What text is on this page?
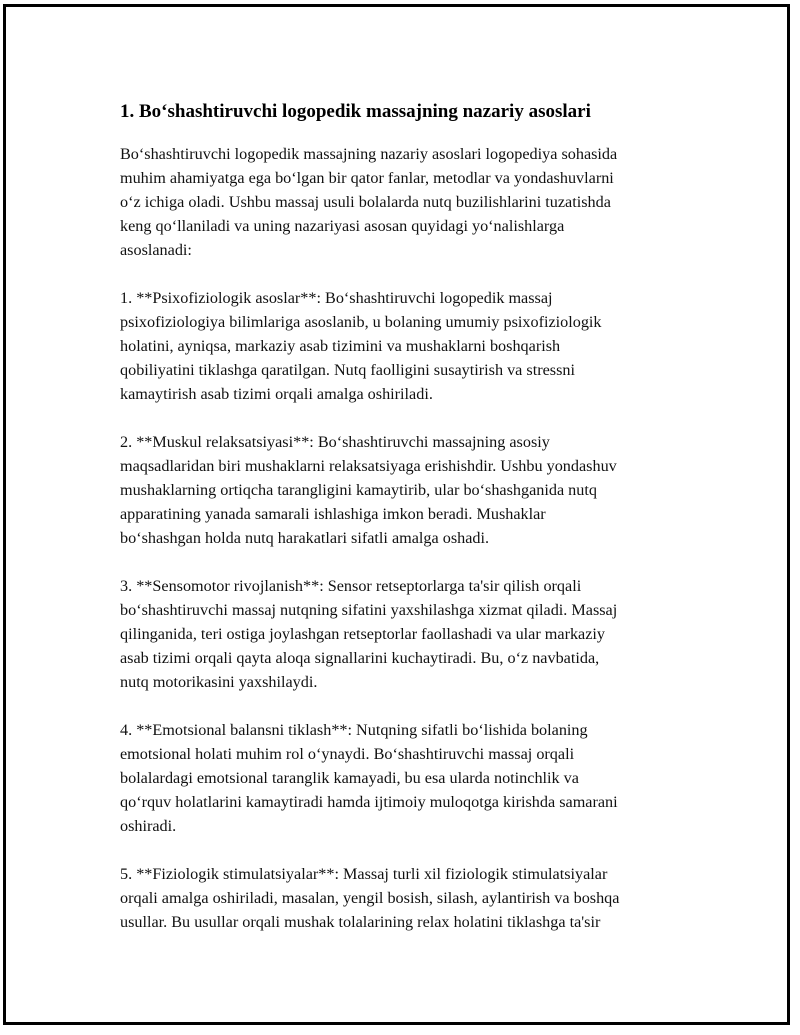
1. Bo‘shashtiruvchi logopedik massajning nazariy asoslari
Bo‘shashtiruvchi logopedik massajning nazariy asoslari logopediya sohasida
muhim ahamiyatga ega bo‘lgan bir qator fanlar, metodlar va yondashuvlarni
o‘z ichiga oladi. Ushbu massaj usuli bolalarda nutq buzilishlarini tuzatishda
keng qo‘llaniladi va uning nazariyasi asosan quyidagi yo‘nalishlarga
asoslanadi:
1. **Psixofiziologik asoslar**: Bo‘shashtiruvchi logopedik massaj
psixofiziologiya bilimlariga asoslanib, u bolaning umumiy psixofiziologik
holatini, ayniqsa, markaziy asab tizimini va mushaklarni boshqarish
qobiliyatini tiklashga qaratilgan. Nutq faolligini susaytirish va stressni
kamaytirish asab tizimi orqali amalga oshiriladi.
2. **Muskul relaksatsiyasi**: Bo‘shashtiruvchi massajning asosiy
maqsadlaridan biri mushaklarni relaksatsiyaga erishishdir. Ushbu yondashuv
mushaklarning ortiqcha tarangligini kamaytirib, ular bo‘shashganida nutq
apparatining yanada samarali ishlashiga imkon beradi. Mushaklar
bo‘shashgan holda nutq harakatlari sifatli amalga oshadi.
3. **Sensomotor rivojlanish**: Sensor retseptorlarga ta'sir qilish orqali
bo‘shashtiruvchi massaj nutqning sifatini yaxshilashga xizmat qiladi. Massaj
qilinganida, teri ostiga joylashgan retseptorlar faollashadi va ular markaziy
asab tizimi orqali qayta aloqa signallarini kuchaytiradi. Bu, o‘z navbatida,
nutq motorikasini yaxshilaydi.
4. **Emotsional balansni tiklash**: Nutqning sifatli bo‘lishida bolaning
emotsional holati muhim rol o‘ynaydi. Bo‘shashtiruvchi massaj orqali
bolalardagi emotsional taranglik kamayadi, bu esa ularda notinchlik va
qo‘rquv holatlarini kamaytiradi hamda ijtimoiy muloqotga kirishda samarani
oshiradi.
5. **Fiziologik stimulatsiyalar**: Massaj turli xil fiziologik stimulatsiyalar
orqali amalga oshiriladi, masalan, yengil bosish, silash, aylantirish va boshqa
usullar. Bu usullar orqali mushak tolalarining relax holatini tiklashga ta'sir
